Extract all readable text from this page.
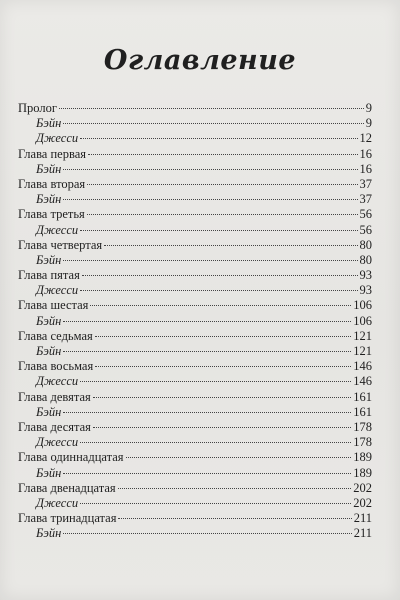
Оглавление
Пролог	9
Бэйн	9
Джесси	12
Глава первая	16
Бэйн	16
Глава вторая	37
Бэйн	37
Глава третья	56
Джесси	56
Глава четвертая	80
Бэйн	80
Глава пятая	93
Джесси	93
Глава шестая	106
Бэйн	106
Глава седьмая	121
Бэйн	121
Глава восьмая	146
Джесси	146
Глава девятая	161
Бэйн	161
Глава десятая	178
Джесси	178
Глава одиннадцатая	189
Бэйн	189
Глава двенадцатая	202
Джесси	202
Глава тринадцатая	211
Бэйн	211
